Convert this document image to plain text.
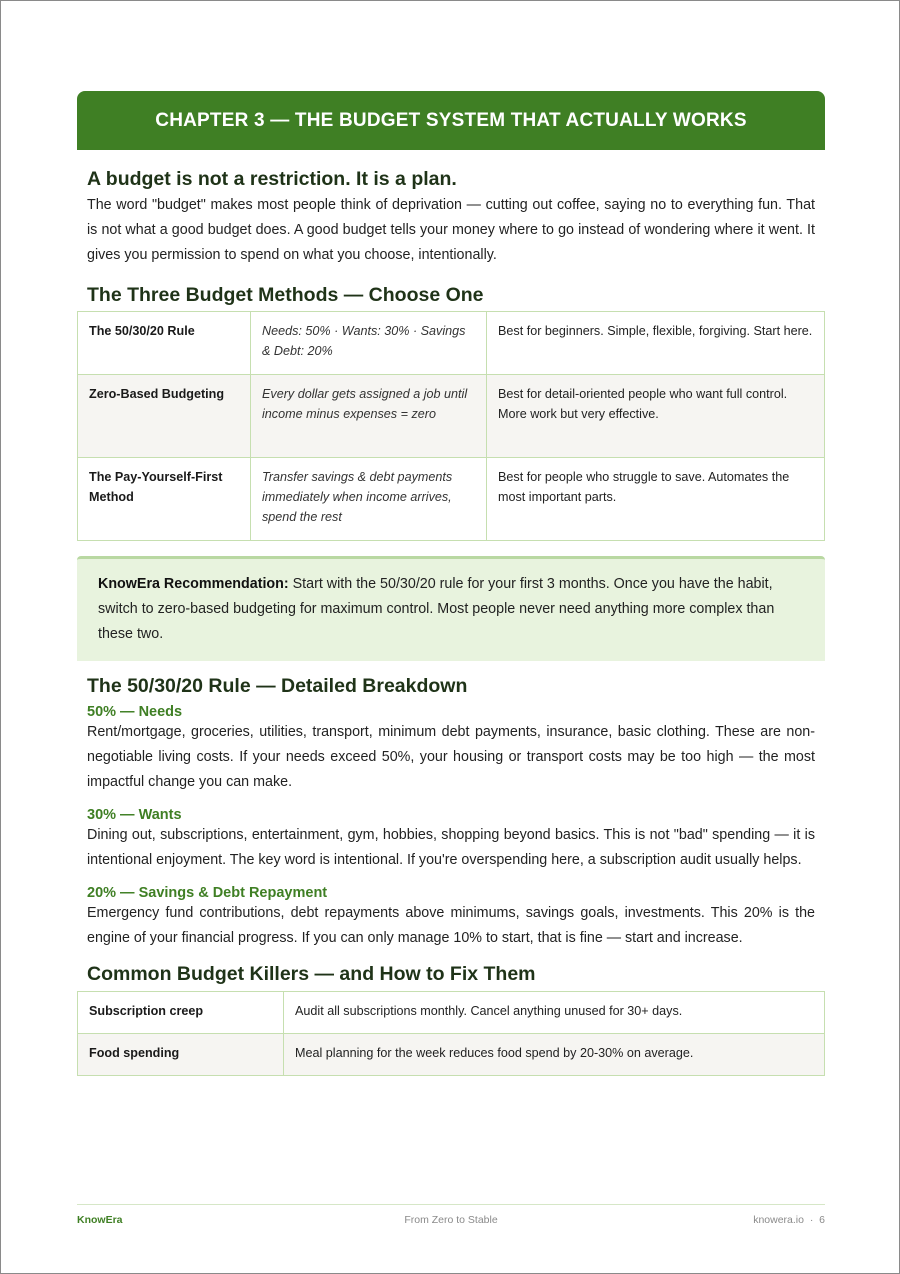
CHAPTER 3 — THE BUDGET SYSTEM THAT ACTUALLY WORKS
A budget is not a restriction. It is a plan.

The word "budget" makes most people think of deprivation — cutting out coffee, saying no to everything fun. That is not what a good budget does. A good budget tells your money where to go instead of wondering where it went. It gives you permission to spend on what you choose, intentionally.

The Three Budget Methods — Choose One
The 50/30/20 Rule	Needs: 50% · Wants: 30% · Savings & Debt: 20%	Best for beginners. Simple, flexible, forgiving. Start here.
Zero-Based Budgeting	Every dollar gets assigned a job until income minus expenses = zero	Best for detail-oriented people who want full control. More work but very effective.
The Pay-Yourself-First Method	Transfer savings & debt payments immediately when income arrives, spend the rest	Best for people who struggle to save. Automates the most important parts.
KnowEra Recommendation: Start with the 50/30/20 rule for your first 3 months. Once you have the habit, switch to zero-based budgeting for maximum control. Most people never need anything more complex than these two.
The 50/30/20 Rule — Detailed Breakdown
50% — Needs

Rent/mortgage, groceries, utilities, transport, minimum debt payments, insurance, basic clothing. These are non-negotiable living costs. If your needs exceed 50%, your housing or transport costs may be too high — the most impactful change you can make.

30% — Wants

Dining out, subscriptions, entertainment, gym, hobbies, shopping beyond basics. This is not "bad" spending — it is intentional enjoyment. The key word is intentional. If you're overspending here, a subscription audit usually helps.

20% — Savings & Debt Repayment

Emergency fund contributions, debt repayments above minimums, savings goals, investments. This 20% is the engine of your financial progress. If you can only manage 10% to start, that is fine — start and increase.

Common Budget Killers — and How to Fix Them
Subscription creep	Audit all subscriptions monthly. Cancel anything unused for 30+ days.
Food spending	Meal planning for the week reduces food spend by 20-30% on average.
KnowEra	From Zero to Stable	knowera.io  ·  6
